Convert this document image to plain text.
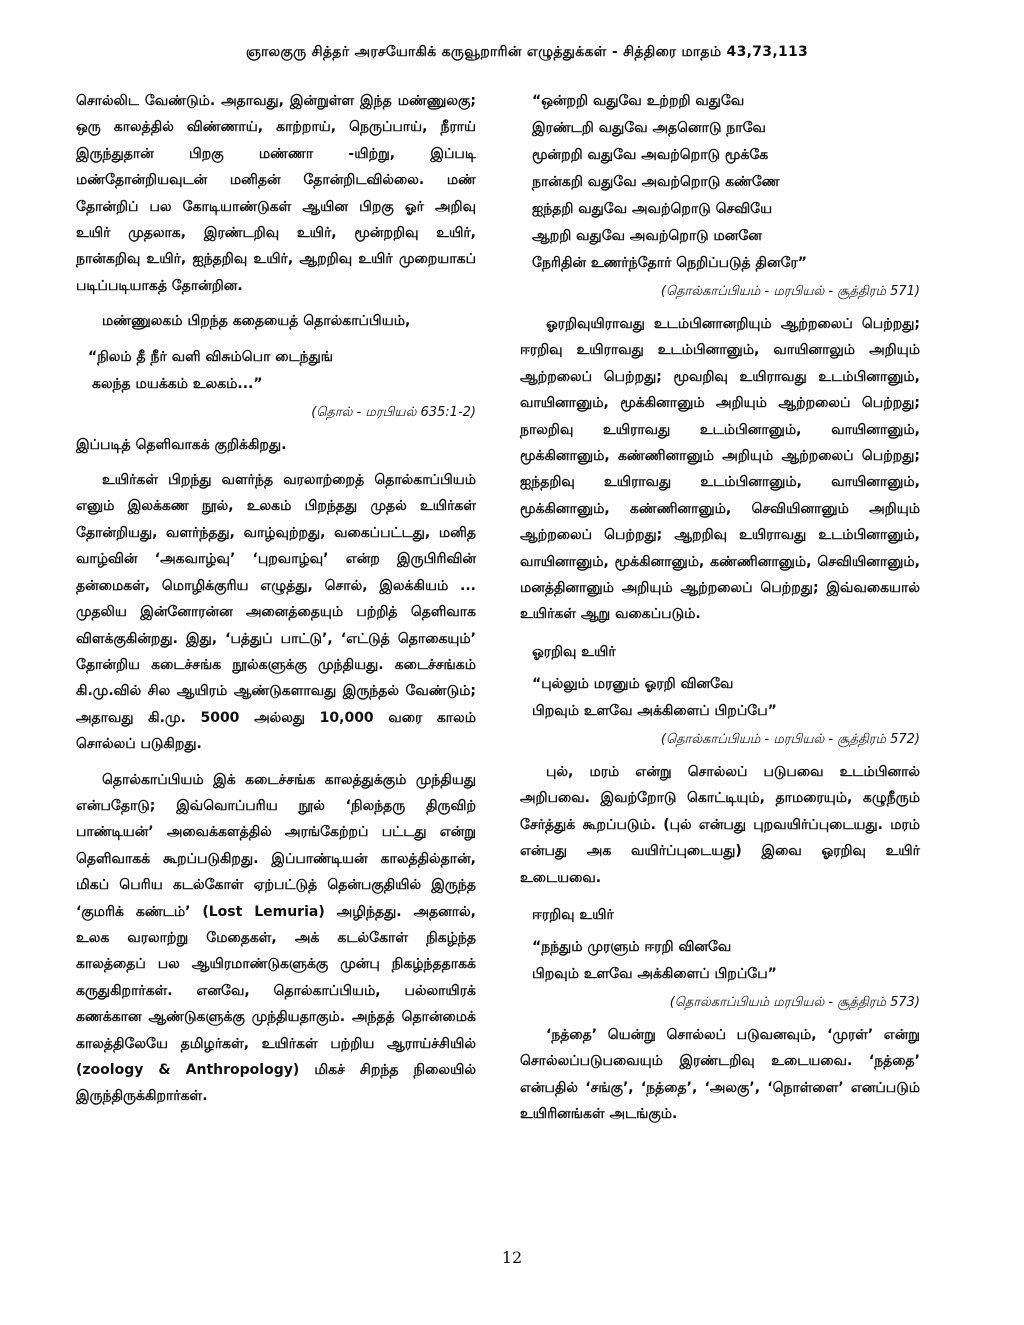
ஞாலகுரு சித்தர் அரசயோகிக் கருவூறாரின் எழுத்துக்கள் - சித்திரை மாதம் 43,73,113

சொல்லிட வேண்டும். அதாவது, இன்றுள்ள இந்த மண்ணுலகு; ஒரு காலத்தில் விண்ணாய், காற்றாய், நெருப்பாய், நீராய் இருந்துதான் பிறகு மண்ணா -யிற்று, இப்படி மண்தோன்றியவுடன் மனிதன் தோன்றிடவில்லை. மண் தோன்றிப் பல கோடியாண்டுகள் ஆயின பிறகு ஓர் அறிவு உயிர் முதலாக, இரண்டறிவு உயிர், மூன்றறிவு உயிர், நான்கறிவு உயிர், ஐந்தறிவு உயிர், ஆறறிவு உயிர் முறையாகப் படிப்படியாகத் தோன்றின.

மண்ணுலகம் பிறந்த கதையைத் தொல்காப்பியம்,

“நிலம் தீ நீர் வளி விசும்பொ டைந்துங்
கலந்த மயக்கம் உலகம்...”
(தொல் - மரபியல் 635:1-2)

இப்படித் தெளிவாகக் குறிக்கிறது.

உயிர்கள் பிறந்து வளர்ந்த வரலாற்றைத் தொல்காப்பியம் எனும் இலக்கண நூல், உலகம் பிறந்தது முதல் உயிர்கள் தோன்றியது, வளர்ந்தது, வாழ்வுற்றது, வகைப்பட்டது, மனித வாழ்வின் ‘அகவாழ்வு’ ‘புறவாழ்வு’ என்ற இருபிரிவின் தன்மைகள், மொழிக்குரிய எழுத்து, சொல், இலக்கியம் ... முதலிய இன்னோரன்ன அனைத்தையும் பற்றித் தெளிவாக விளக்குகின்றது. இது, ‘பத்துப் பாட்டு’, ‘எட்டுத் தொகையும்’ தோன்றிய கடைச்சங்க நூல்களுக்கு முந்தியது. கடைச்சங்கம் கி.மு.வில் சில ஆயிரம் ஆண்டுகளாவது இருந்தல் வேண்டும்; அதாவது கி.மு. 5000 அல்லது 10,000 வரை காலம் சொல்லப் படுகிறது.

தொல்காப்பியம் இக் கடைச்சங்க காலத்துக்கும் முந்தியது என்பதோடு; இவ்வொப்பரிய நூல் ‘நிலந்தரு திருவிற் பாண்டியன்’ அவைக்களத்தில் அரங்கேற்றப் பட்டது என்று தெளிவாகக் கூறப்படுகிறது. இப்பாண்டியன் காலத்தில்தான், மிகப் பெரிய கடல்கோள் ஏற்பட்டுத் தென்பகுதியில் இருந்த ‘குமரிக் கண்டம்’ (Lost Lemuria) அழிந்தது. அதனால், உலக வரலாற்று மேதைகள், அக் கடல்கோள் நிகழ்ந்த காலத்தைப் பல ஆயிரமாண்டுகளுக்கு முன்பு நிகழ்ந்ததாகக் கருதுகிறார்கள். எனவே, தொல்காப்பியம், பல்லாயிரக் கணக்கான ஆண்டுகளுக்கு முந்தியதாகும். அந்தத் தொன்மைக் காலத்திலேயே தமிழர்கள், உயிர்கள் பற்றிய ஆராய்ச்சியில் (zoology & Anthropology) மிகச் சிறந்த நிலையில் இருந்திருக்கிறார்கள்.

“ஒன்றறி வதுவே உற்றறி வதுவே
இரண்டறி வதுவே அதனொடு நாவே
மூன்றறி வதுவே அவற்றொடு மூக்கே
நான்கறி வதுவே அவற்றொடு கண்ணே
ஐந்தறி வதுவே அவற்றொடு செவியே
ஆறறி வதுவே அவற்றொடு மனனே
நேரிதின் உணர்ந்தோர் நெறிப்படுத் தினரே”
(தொல்காப்பியம் - மரபியல் - சூத்திரம் 571)

ஓரறிவுயிராவது உடம்பினானறியும் ஆற்றலைப் பெற்றது; ஈரறிவு உயிராவது உடம்பினானும், வாயினாலும் அறியும் ஆற்றலைப் பெற்றது; மூவறிவு உயிராவது உடம்பினானும், வாயினானும், மூக்கினானும் அறியும் ஆற்றலைப் பெற்றது; நாலறிவு உயிராவது உடம்பினானும், வாயினானும், மூக்கினானும், கண்ணினானும் அறியும் ஆற்றலைப் பெற்றது; ஐந்தறிவு உயிராவது உடம்பினானும், வாயினானும், மூக்கினானும், கண்ணினானும், செவியினானும் அறியும் ஆற்றலைப் பெற்றது; ஆறறிவு உயிராவது உடம்பினானும், வாயினானும், மூக்கினானும், கண்ணினானும், செவியினானும், மனத்தினானும் அறியும் ஆற்றலைப் பெற்றது; இவ்வகையால் உயிர்கள் ஆறு வகைப்படும்.

ஓரறிவு உயிர்
“புல்லும் மரனும் ஓரறி வினவே
பிறவும் உளவே அக்கிளைப் பிறப்பே”
(தொல்காப்பியம் - மரபியல் - சூத்திரம் 572)

புல், மரம் என்று சொல்லப் படுபவை உடம்பினால் அறிபவை. இவற்றோடு கொட்டியும், தாமரையும், கழுநீரும் சேர்த்துக் கூறப்படும். (புல் என்பது புறவயிர்ப்புடையது. மரம் என்பது அக வயிர்ப்புடையது) இவை ஓரறிவு உயிர் உடையவை.

ஈரறிவு உயிர்
“நந்தும் முரளும் ஈரறி வினவே
பிறவும் உளவே அக்கிளைப் பிறப்பே”
(தொல்காப்பியம் மரபியல் - சூத்திரம் 573)

‘நத்தை’ யென்று சொல்லப் படுவனவும், ‘முரள்’ என்று சொல்லப்படுபவையும் இரண்டறிவு உடையவை. ‘நத்தை’ என்பதில் ‘சங்கு’, ‘நத்தை’, ‘அலகு’, ‘நொள்ளை’ எனப்படும் உயிரினங்கள் அடங்கும்.

12
